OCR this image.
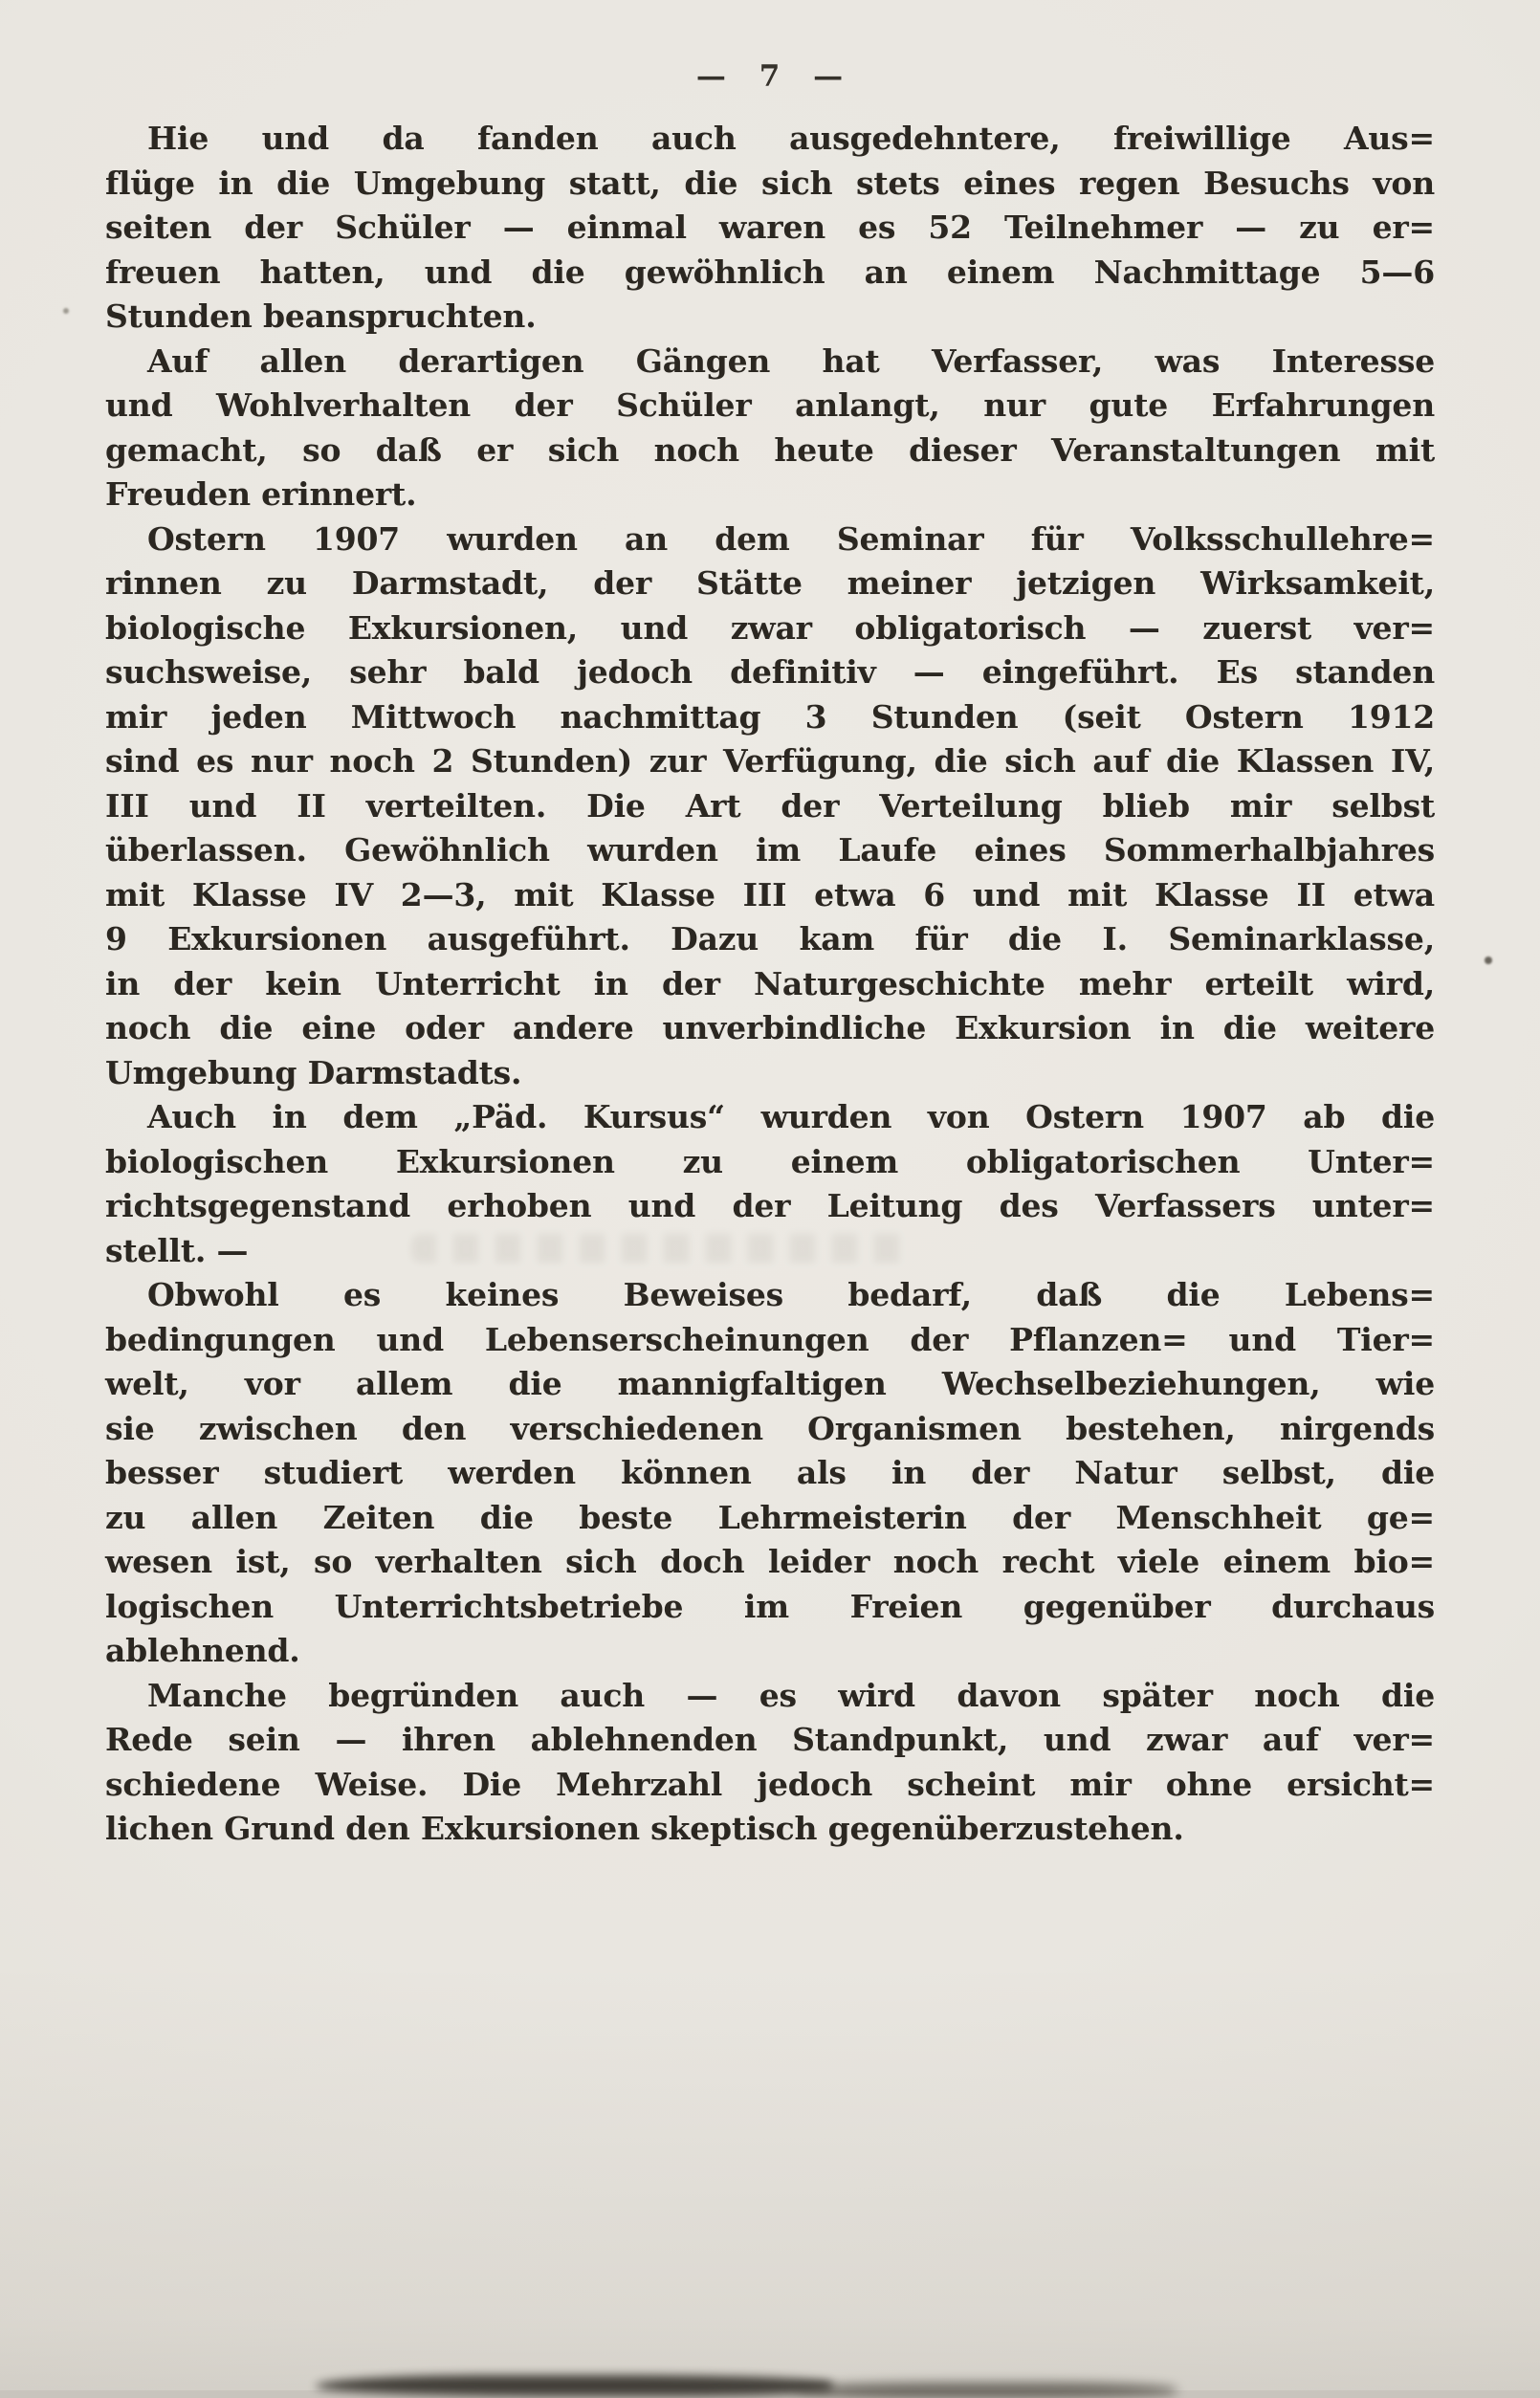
— 7 —
Hie und da fanden auch ausgedehntere, freiwillige Aus=
flüge in die Umgebung statt, die sich stets eines regen Besuchs von
seiten der Schüler — einmal waren es 52 Teilnehmer — zu er=
freuen hatten, und die gewöhnlich an einem Nachmittage 5—6
Stunden beanspruchten.
Auf allen derartigen Gängen hat Verfasser, was Interesse
und Wohlverhalten der Schüler anlangt, nur gute Erfahrungen
gemacht, so daß er sich noch heute dieser Veranstaltungen mit
Freuden erinnert.
Ostern 1907 wurden an dem Seminar für Volksschullehre=
rinnen zu Darmstadt, der Stätte meiner jetzigen Wirksamkeit,
biologische Exkursionen, und zwar obligatorisch — zuerst ver=
suchsweise, sehr bald jedoch definitiv — eingeführt. Es standen
mir jeden Mittwoch nachmittag 3 Stunden (seit Ostern 1912
sind es nur noch 2 Stunden) zur Verfügung, die sich auf die Klassen IV,
III und II verteilten. Die Art der Verteilung blieb mir selbst
überlassen. Gewöhnlich wurden im Laufe eines Sommerhalbjahres
mit Klasse IV 2—3, mit Klasse III etwa 6 und mit Klasse II etwa
9 Exkursionen ausgeführt. Dazu kam für die I. Seminarklasse,
in der kein Unterricht in der Naturgeschichte mehr erteilt wird,
noch die eine oder andere unverbindliche Exkursion in die weitere
Umgebung Darmstadts.
Auch in dem „Päd. Kursus“ wurden von Ostern 1907 ab die
biologischen Exkursionen zu einem obligatorischen Unter=
richtsgegenstand erhoben und der Leitung des Verfassers unter=
stellt. —
Obwohl es keines Beweises bedarf, daß die Lebens=
bedingungen und Lebenserscheinungen der Pflanzen= und Tier=
welt, vor allem die mannigfaltigen Wechselbeziehungen, wie
sie zwischen den verschiedenen Organismen bestehen, nirgends
besser studiert werden können als in der Natur selbst, die
zu allen Zeiten die beste Lehrmeisterin der Menschheit ge=
wesen ist, so verhalten sich doch leider noch recht viele einem bio=
logischen Unterrichtsbetriebe im Freien gegenüber durchaus
ablehnend.
Manche begründen auch — es wird davon später noch die
Rede sein — ihren ablehnenden Standpunkt, und zwar auf ver=
schiedene Weise. Die Mehrzahl jedoch scheint mir ohne ersicht=
lichen Grund den Exkursionen skeptisch gegenüberzustehen.
